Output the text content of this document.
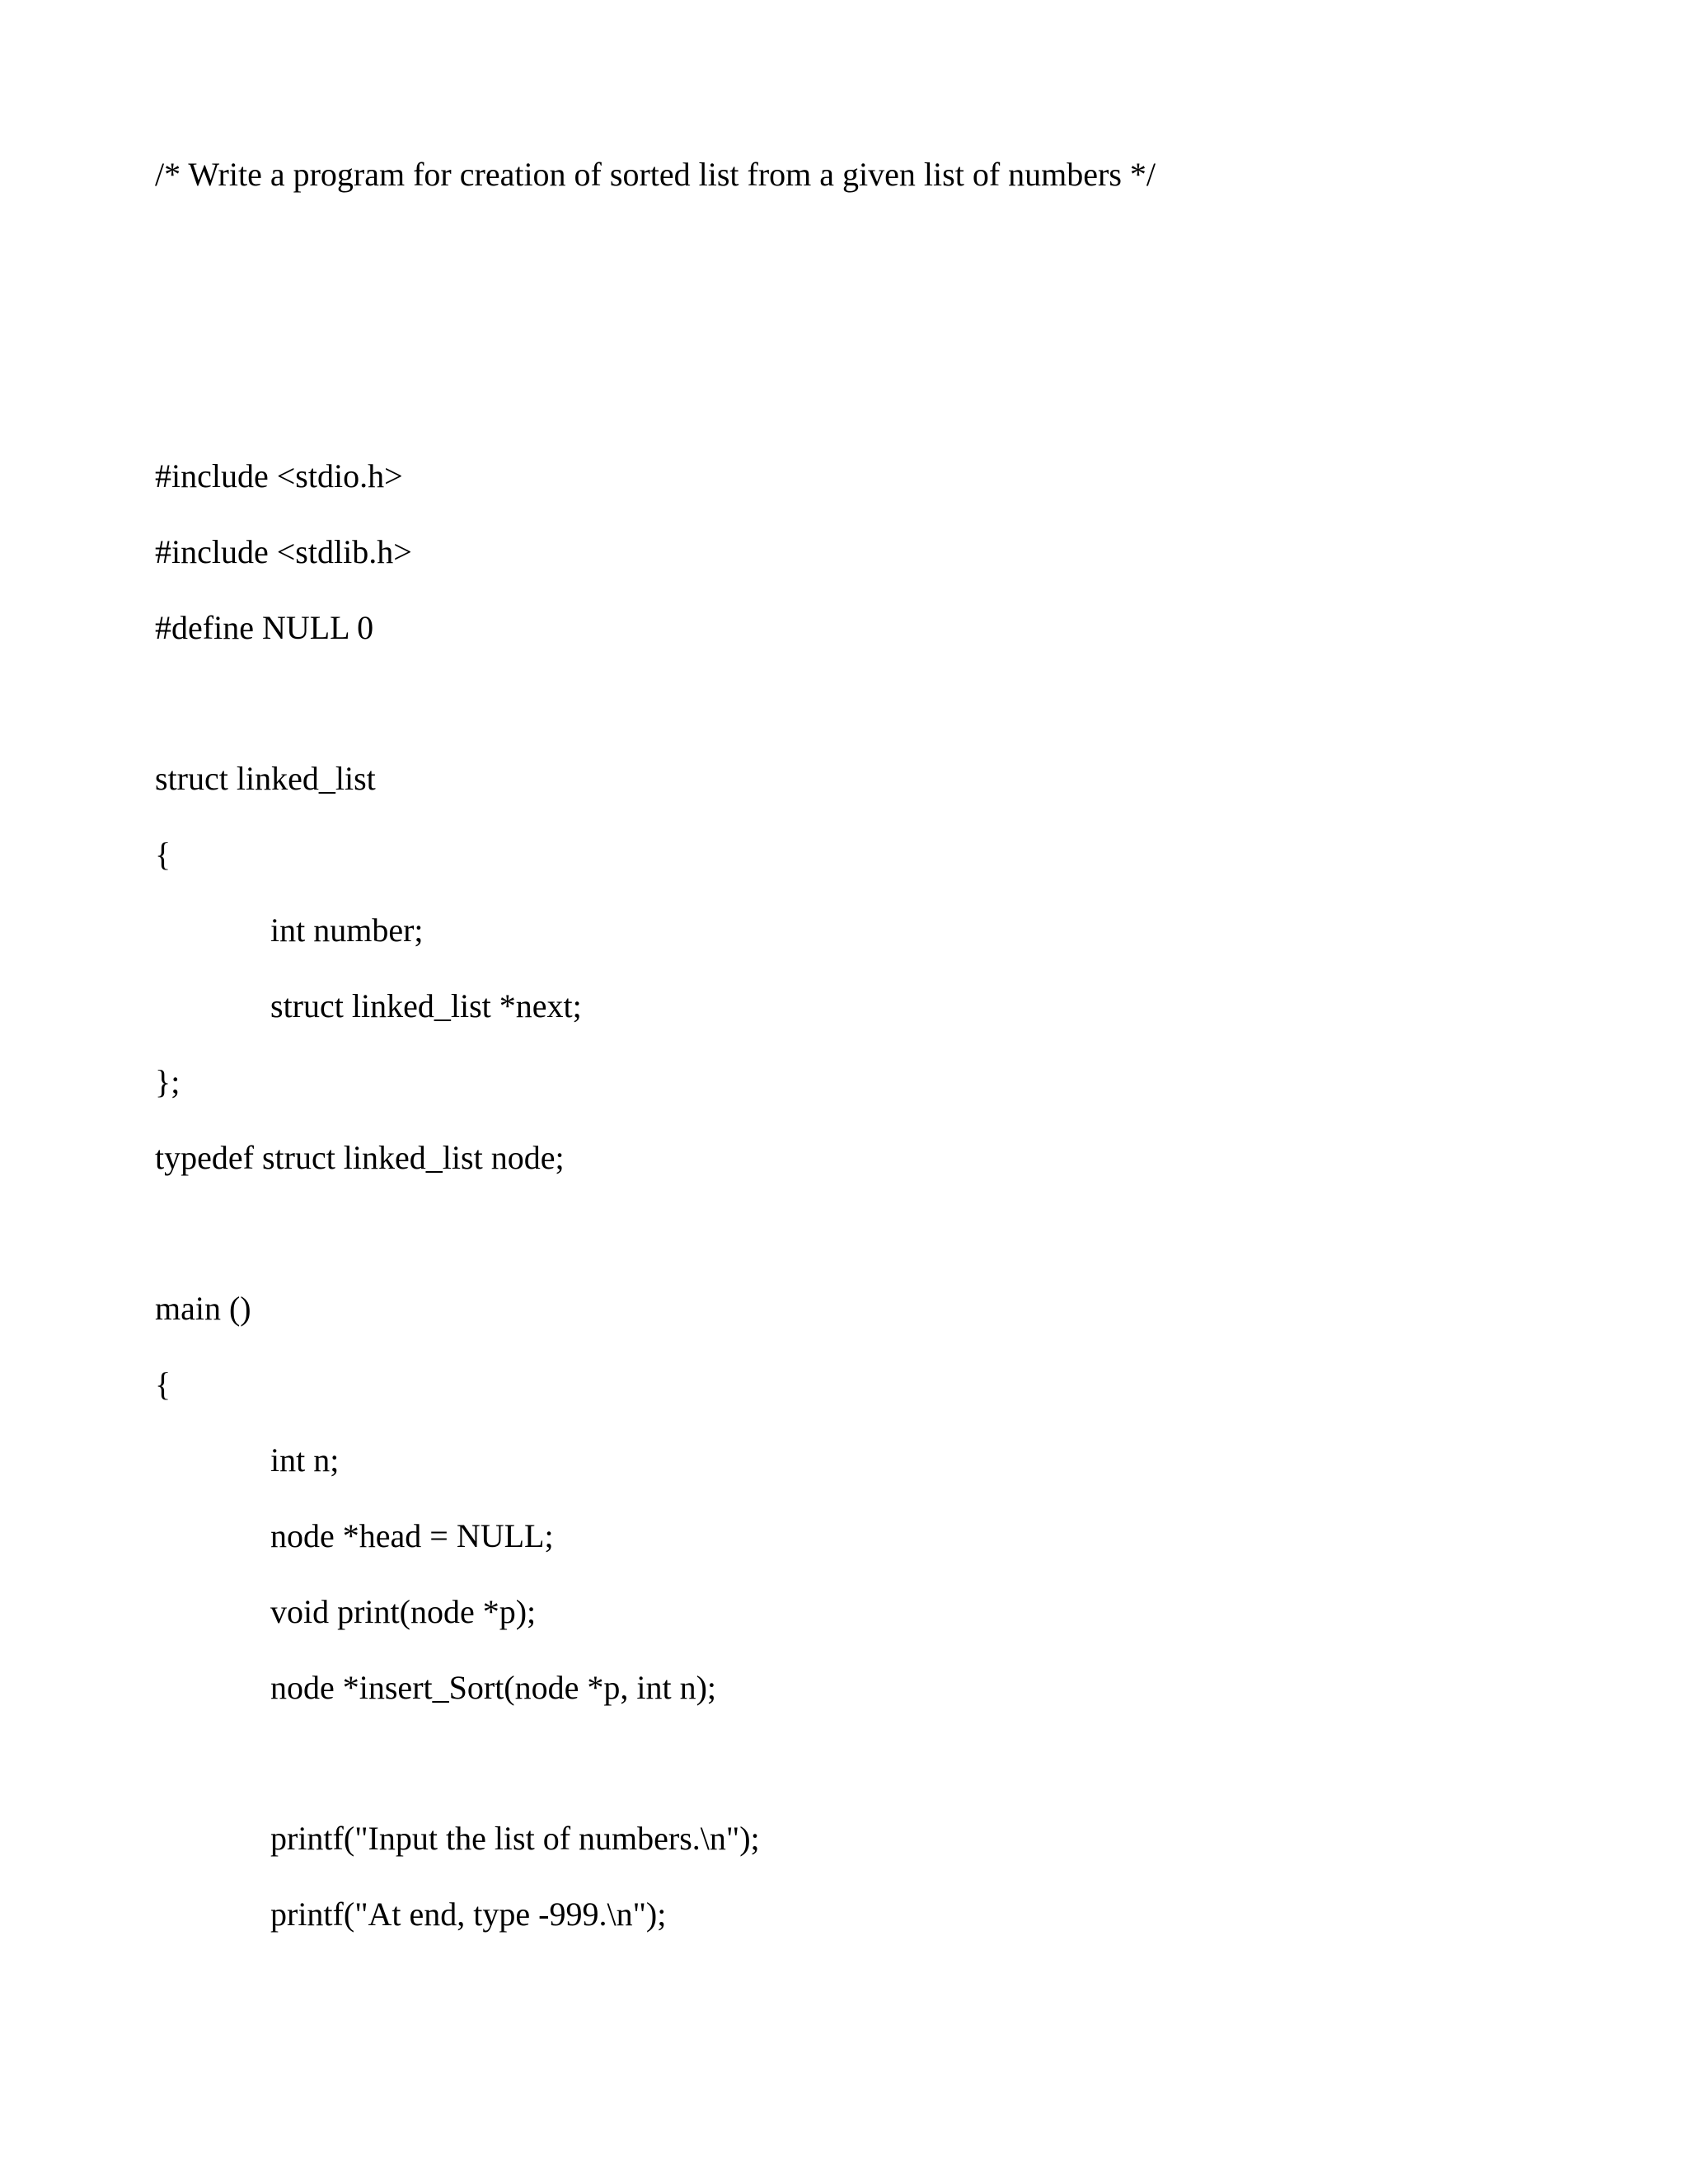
/* Write a program for creation of sorted list from a given list of numbers */
#include <stdio.h>
#include <stdlib.h>
#define NULL 0
struct linked_list
{
int number;
struct linked_list *next;
};
typedef struct linked_list node;
main ()
{
int n;
node *head = NULL;
void print(node *p);
node *insert_Sort(node *p, int n);
printf("Input the list of numbers.\n");
printf("At end, type -999.\n");
